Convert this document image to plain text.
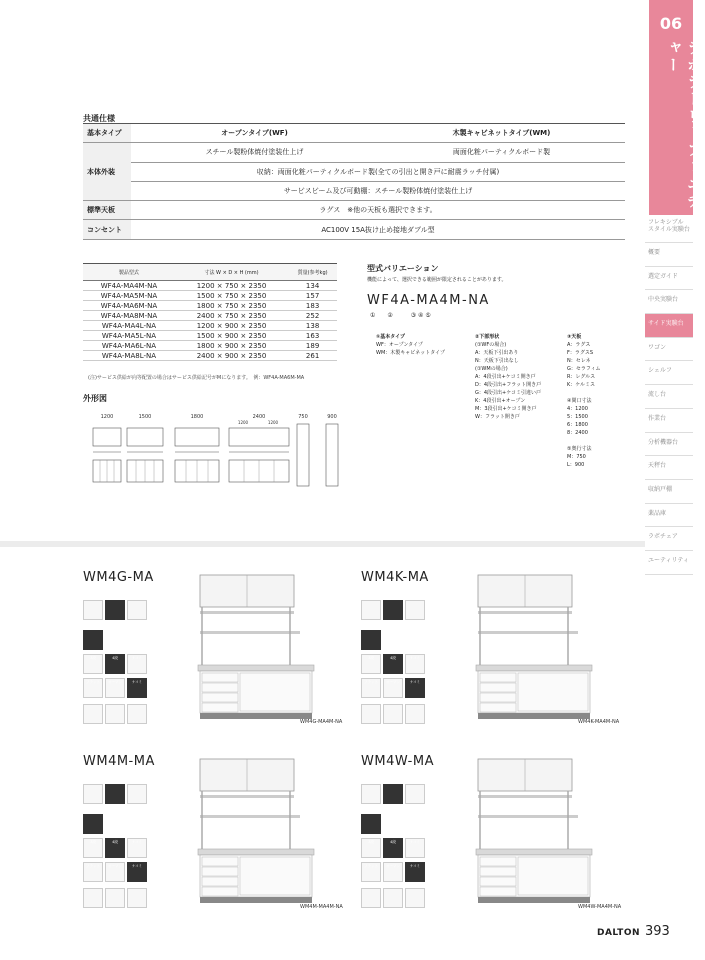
06
ラボラトリーファニチャー
フレキシブル
スタイル実験台
概要
選定ガイド
中央実験台
サイド実験台
ワゴン
シェルフ
流し台
作業台
分析機器台
天秤台
収納戸棚
薬品庫
ラボチェア
ユーティリティ
共通仕様
基本タイプ	オープンタイプ(WF)	木製キャビネットタイプ(WM)
本体外装	スチール製粉体焼付塗装仕上げ	両面化粧パーティクルボード製
	収納：両面化粧パーティクルボード製(全ての引出と開き戸に耐震ラッチ付属)	
	サービスビーム及び可動棚：スチール製粉体焼付塗装仕上げ	
標準天板	ラグス　※他の天板も選択できます。	
コンセント	AC100V 15A抜け止め接地ダブル型	
製品型式	寸法 W × D × H (mm)	質量(参考kg)
WF4A-MA4M-NA	1200 × 750 × 2350	134
WF4A-MA5M-NA	1500 × 750 × 2350	157
WF4A-MA6M-NA	1800 × 750 × 2350	183
WF4A-MA8M-NA	2400 × 750 × 2350	252
WF4A-MA4L-NA	1200 × 900 × 2350	138
WF4A-MA5L-NA	1500 × 900 × 2350	163
WF4A-MA6L-NA	1800 × 900 × 2350	189
WF4A-MA8L-NA	2400 × 900 × 2350	261
(注)サービス供給が向等配置の場合はサービス供給記号がMになります。　例：WF4A-MA6M-MA
外形図
1200	1500	1800	2400	750	900
1200	1200
型式バリエーション
機能によって、選択できる範囲が限定されることがあります。
WF4A-MA4M-NA
①　　②　　　③ ④ ⑤
①基本タイプ
WF：オープンタイプ
WM：木製キャビネットタイプ
②下部形状
(①WFの場合)
A：天板下引出あり
N：天板下引出なし
(①WMの場合)
A：4段引出+ケコミ開き戸
D：4段引出+フラット開き戸
G：4段引出+ケコミ引違い戸
K：4段引出+オープン
M：3段引出+ケコミ開き戸
W：フラット開き戸
③天板
A：ラグス
F：ラグスS
N：セレネ
G：セラフィム
R：レグルス
K：ケルミス
④間口寸法
4：1200
5：1500
6：1800
8：2400
⑤奥行寸法
M：750
L：900
WM4G-MA	WM4K-MA
WM4M-MA	WM4W-MA
3段	4段	ケコミ
フラット	オープン	ケコミ
3段	4段	ケコミ
フラット	オープン	ケコミ
3段	4段	ケコミ
フラット	オープン	ケコミ
3段	4段	ケコミ
フラット	オープン	ケコミ
WM4G-MA4M-NA	WM4K-MA4M-NA
WM4M-MA4M-NA	WM4W-MA4M-NA
DALTON 393
